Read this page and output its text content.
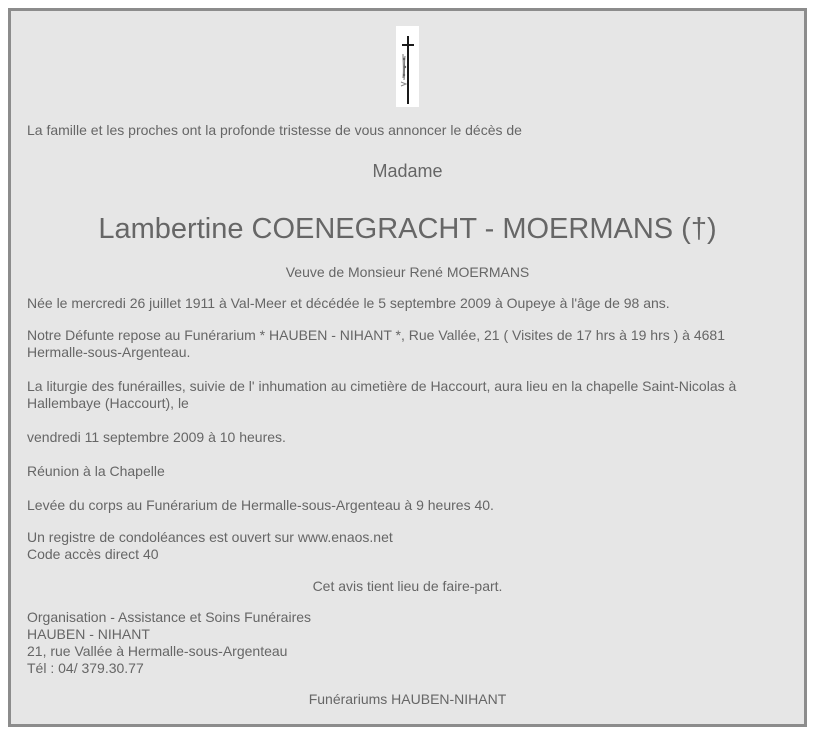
La famille et les proches ont la profonde tristesse de vous annoncer le décès de
Madame
Lambertine COENEGRACHT - MOERMANS (†)
Veuve de Monsieur René MOERMANS
Née le mercredi 26 juillet 1911 à Val-Meer et décédée le 5 septembre 2009 à Oupeye à l'âge de 98 ans.
Notre Défunte repose au Funérarium * HAUBEN - NIHANT *, Rue Vallée, 21 ( Visites de 17 hrs à 19 hrs ) à 4681 Hermalle-sous-Argenteau.
La liturgie des funérailles, suivie de l' inhumation au cimetière de Haccourt, aura lieu en la chapelle Saint-Nicolas à Hallembaye (Haccourt), le
vendredi 11 septembre 2009 à 10 heures.
Réunion à la Chapelle
Levée du corps au Funérarium de Hermalle-sous-Argenteau à 9 heures 40.
Un registre de condoléances est ouvert sur www.enaos.net
Code accès direct 40
Cet avis tient lieu de faire-part.
Organisation - Assistance et Soins Funéraires
HAUBEN - NIHANT
21, rue Vallée à Hermalle-sous-Argenteau
Tél : 04/ 379.30.77
Funérariums HAUBEN-NIHANT
